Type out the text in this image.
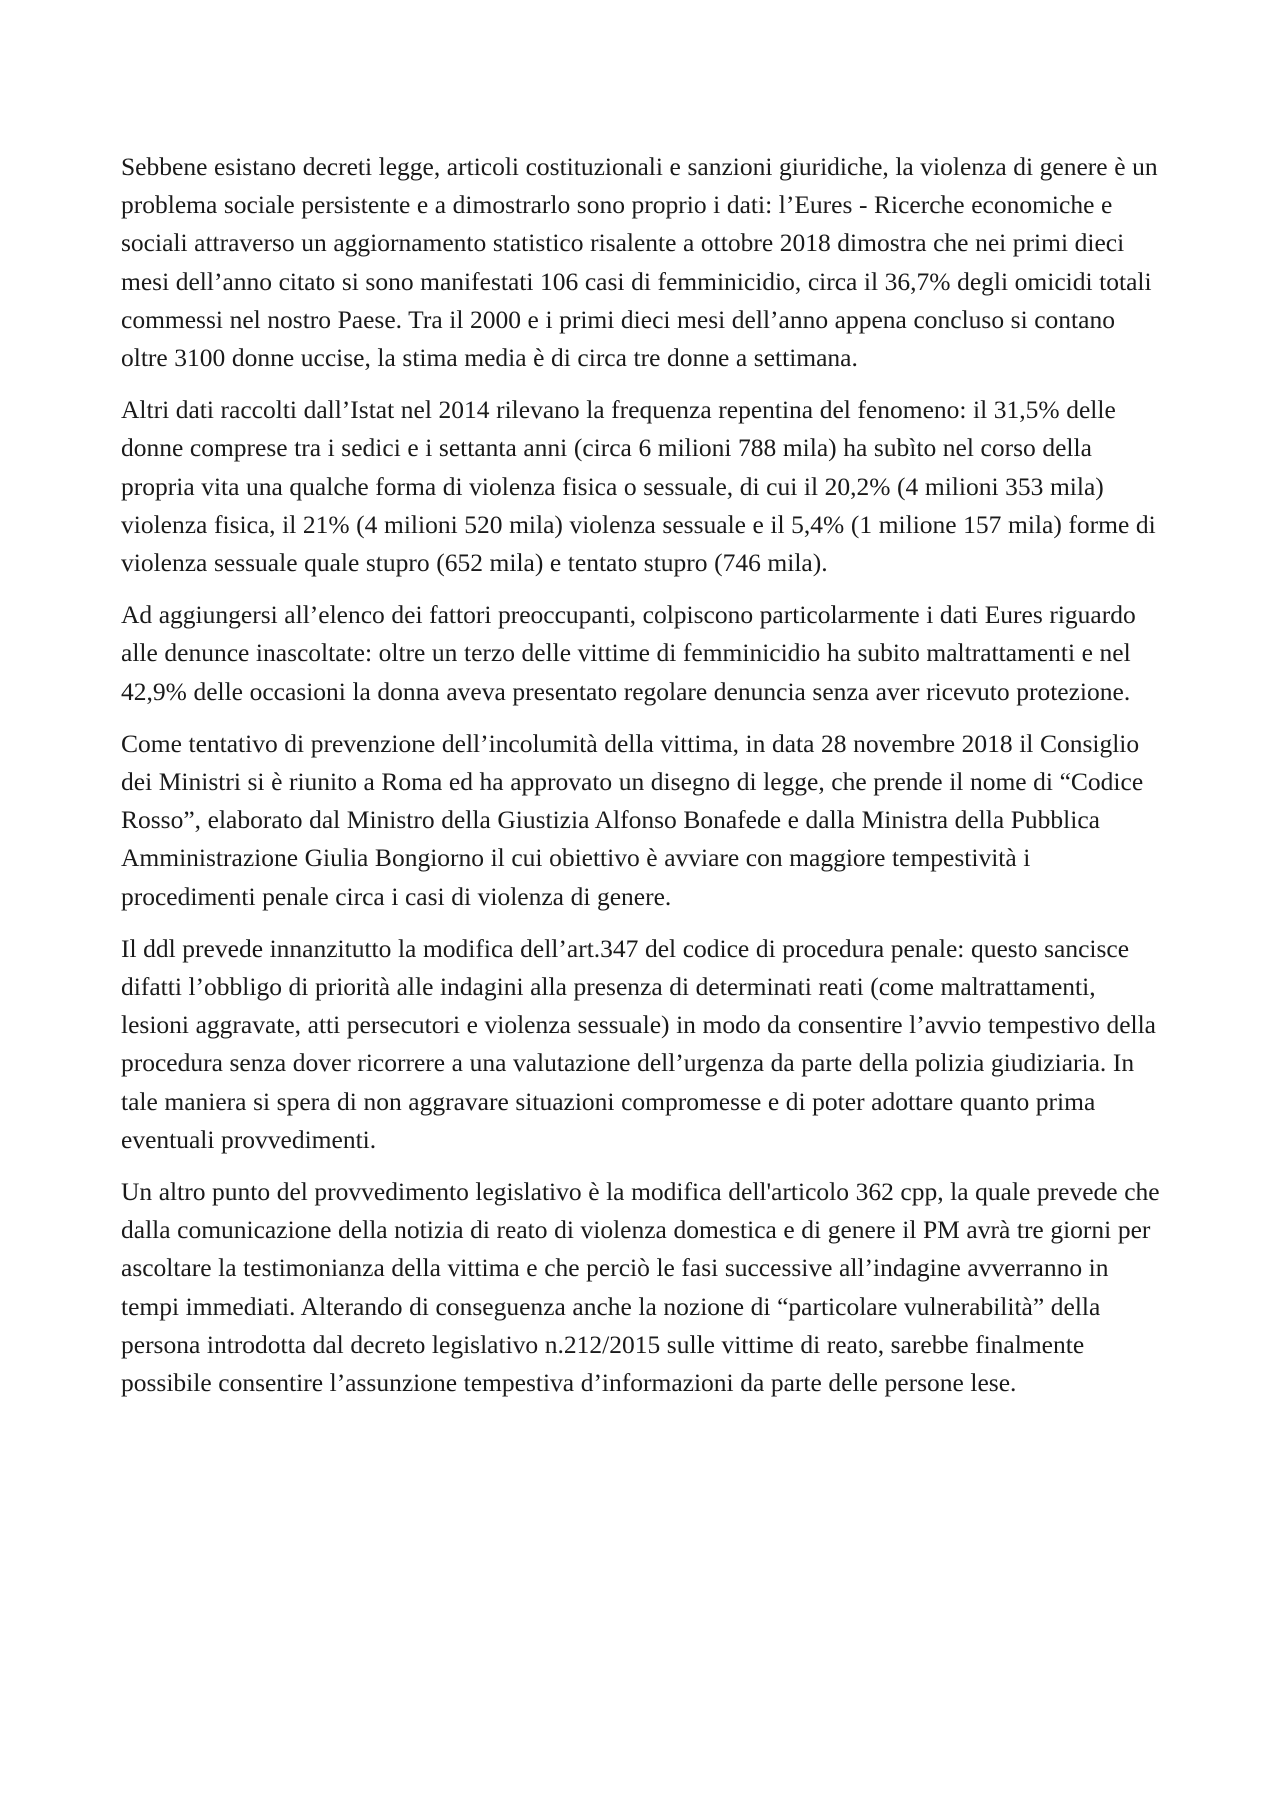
Sebbene esistano decreti legge, articoli costituzionali e sanzioni giuridiche, la violenza di genere è un problema sociale persistente e a dimostrarlo sono proprio i dati: l’Eures - Ricerche economiche e sociali attraverso un aggiornamento statistico risalente a ottobre 2018 dimostra che nei primi dieci mesi dell’anno citato si sono manifestati 106 casi di femminicidio, circa il 36,7% degli omicidi totali commessi nel nostro Paese. Tra il 2000 e i primi dieci mesi dell’anno appena concluso si contano oltre 3100 donne uccise, la stima media è di circa tre donne a settimana.

Altri dati raccolti dall’Istat nel 2014 rilevano la frequenza repentina del fenomeno: il 31,5% delle donne comprese tra i sedici e i settanta anni (circa 6 milioni 788 mila) ha subìto nel corso della propria vita una qualche forma di violenza fisica o sessuale, di cui il 20,2% (4 milioni 353 mila) violenza fisica, il 21% (4 milioni 520 mila) violenza sessuale e il 5,4% (1 milione 157 mila) forme di violenza sessuale quale stupro (652 mila) e tentato stupro (746 mila).

Ad aggiungersi all’elenco dei fattori preoccupanti, colpiscono particolarmente i dati Eures riguardo alle denunce inascoltate: oltre un terzo delle vittime di femminicidio ha subito maltrattamenti e nel 42,9% delle occasioni la donna aveva presentato regolare denuncia senza aver ricevuto protezione.

Come tentativo di prevenzione dell’incolumità della vittima, in data 28 novembre 2018 il Consiglio dei Ministri si è riunito a Roma ed ha approvato un disegno di legge, che prende il nome di “Codice Rosso”, elaborato dal Ministro della Giustizia Alfonso Bonafede e dalla Ministra della Pubblica Amministrazione Giulia Bongiorno il cui obiettivo è avviare con maggiore tempestività i procedimenti penale circa i casi di violenza di genere.

Il ddl prevede innanzitutto la modifica dell’art.347 del codice di procedura penale: questo sancisce difatti l’obbligo di priorità alle indagini alla presenza di determinati reati (come maltrattamenti, lesioni aggravate, atti persecutori e violenza sessuale) in modo da consentire l’avvio tempestivo della procedura senza dover ricorrere a una valutazione dell’urgenza da parte della polizia giudiziaria. In tale maniera si spera di non aggravare situazioni compromesse e di poter adottare quanto prima eventuali provvedimenti.

Un altro punto del provvedimento legislativo è la modifica dell'articolo 362 cpp, la quale prevede che dalla comunicazione della notizia di reato di violenza domestica e di genere il PM avrà tre giorni per ascoltare la testimonianza della vittima e che perciò le fasi successive all’indagine avverranno in tempi immediati. Alterando di conseguenza anche la nozione di “particolare vulnerabilità” della persona introdotta dal decreto legislativo n.212/2015 sulle vittime di reato, sarebbe finalmente possibile consentire l’assunzione tempestiva d’informazioni da parte delle persone lese.
